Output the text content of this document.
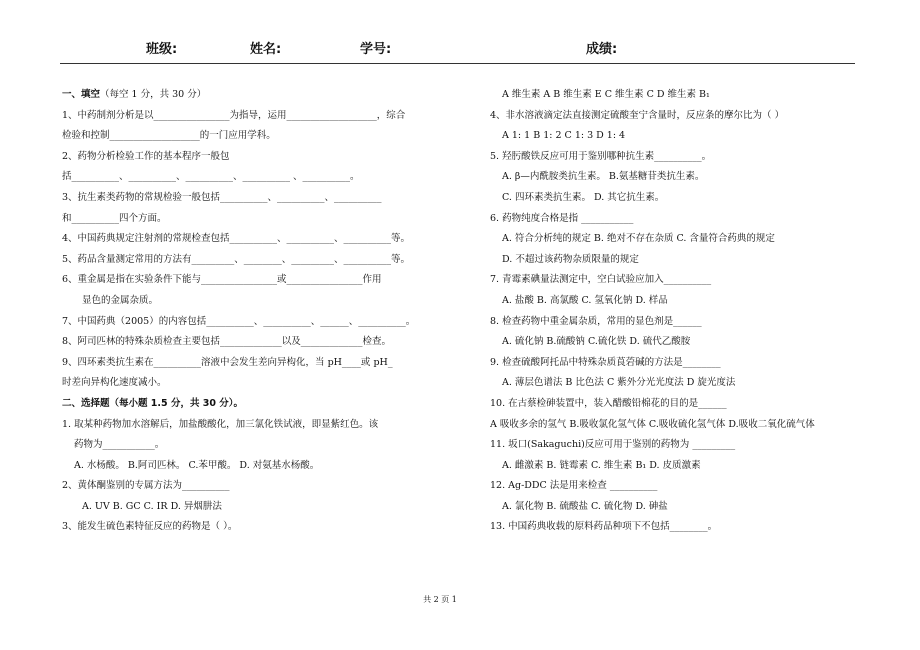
班级:	姓名:	学号:	成绩:
一、填空（每空 1 分，共 30 分）
1、中药制剂分析是以________________为指导，运用___________________，综合
检验和控制___________________的一门应用学科。
2、药物分析检验工作的基本程序一般包
括__________、__________、__________、__________ 、__________。
3、抗生素类药物的常规检验一般包括__________、__________、__________
和__________四个方面。
4、中国药典规定注射剂的常规检查包括__________、__________、__________等。
5、药品含量测定常用的方法有_________、________、_________、__________等。
6、重金属是指在实验条件下能与________________或________________作用
显色的金属杂质。
7、中国药典（2005）的内容包括__________、__________、______、__________。
8、阿司匹林的特殊杂质检查主要包括_____________以及_____________检查。
9、四环素类抗生素在__________溶液中会发生差向异构化，当 pH____或 pH_
时差向异构化速度减小。
二、选择题（每小题 1.5 分，共 30 分）。
1. 取某种药物加水溶解后，加盐酸酸化，加三氯化铁试液，即显紫红色。该
药物为___________。
A. 水杨酸。 B.阿司匹林。 C.苯甲酸。 D. 对氨基水杨酸。
2、黄体酮鉴别的专属方法为__________
A. UV B. GC C. IR D. 异烟肼法
3、能发生硫色素特征反应的药物是（ ）。
A 维生素 A B 维生素 E C 维生素 C D 维生素 B₁
4、非水溶液滴定法直接测定硫酸奎宁含量时，反应条的摩尔比为（ ）
A 1: 1 B 1: 2 C 1: 3 D 1: 4
5. 羟肟酸铁反应可用于鉴别哪种抗生素__________。
A. β—内酰胺类抗生素。 B.氨基糖苷类抗生素。
C. 四环素类抗生素。 D. 其它抗生素。
6. 药物纯度合格是指 ___________
A. 符合分析纯的规定 B. 绝对不存在杂质 C. 含量符合药典的规定
D. 不超过该药物杂质限量的规定
7. 青霉素碘量法测定中，空白试验应加入__________
A. 盐酸 B. 高氯酸 C. 氢氧化钠 D. 样品
8. 检查药物中重金属杂质，常用的显色剂是______
A. 硫化钠 B.硫酸钠 C.硫化铁 D. 硫代乙酸胺
9. 检查硫酸阿托品中特殊杂质莨菪碱的方法是________
A. 薄层色谱法 B 比色法 C 紫外分光光度法 D 旋光度法
10. 在古蔡检砷装置中，装入醋酸铅棉花的目的是______
A 吸收多余的氢气 B.吸收氯化氢气体 C.吸收硫化氢气体 D.吸收二氧化硫气体
11. 坂口(Sakaguchi)反应可用于鉴别的药物为 _________
A. 雌激素 B. 链霉素 C. 维生素 B₁ D. 皮质激素
12. Ag-DDC 法是用来检查 __________
A. 氯化物 B. 硫酸盐 C. 硫化物 D. 砷盐
13. 中国药典收载的原料药品种项下不包括________。
共 2 页 1
